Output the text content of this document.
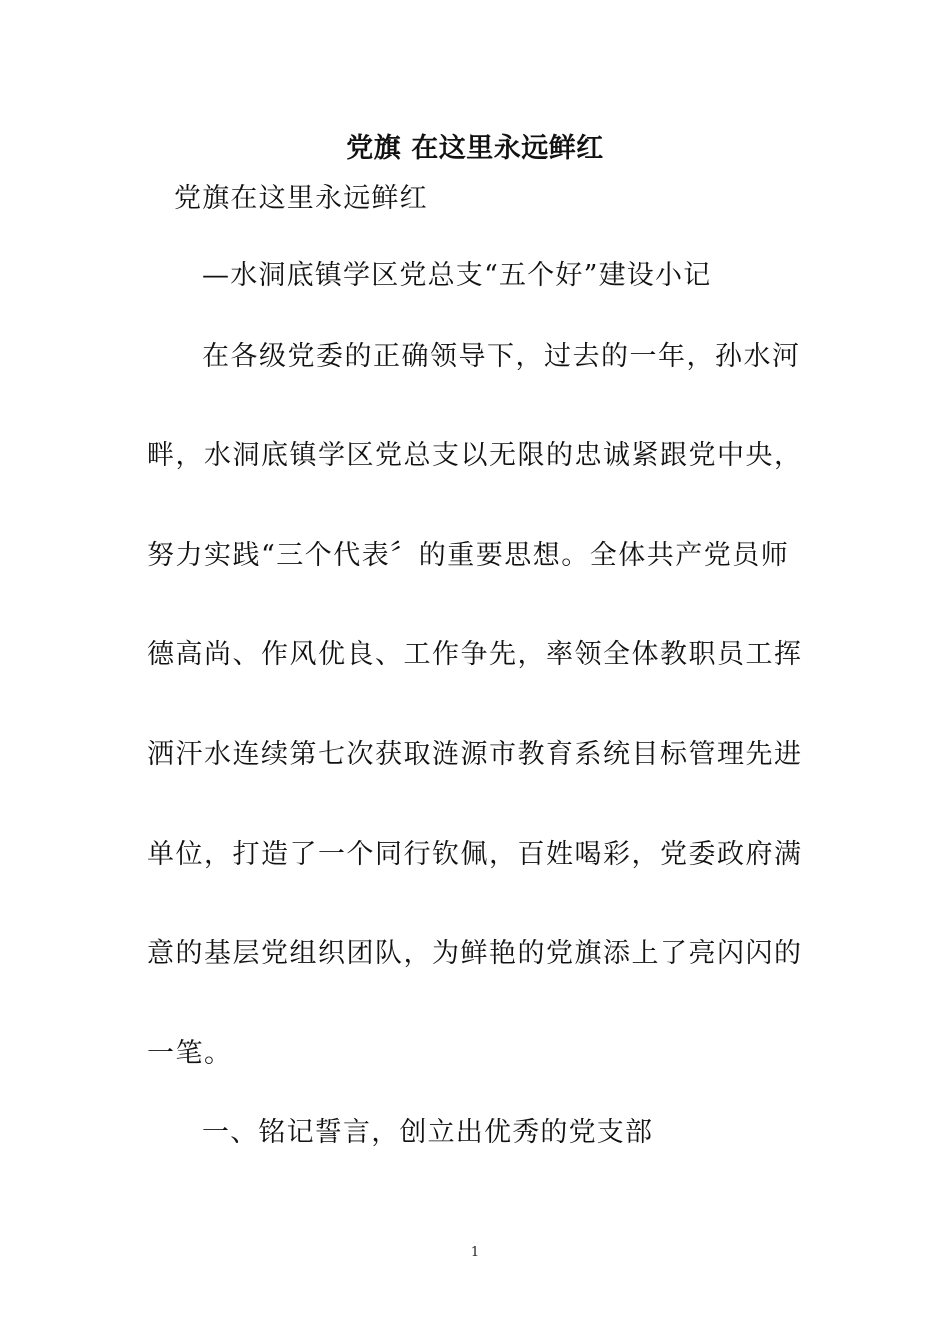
党旗 在这里永远鲜红
党旗在这里永远鲜红
—水洞底镇学区党总支“五个好”建设小记
在各级党委的正确领导下，过去的一年，孙水河
畔，水洞底镇学区党总支以无限的忠诚紧跟党中央，
努力实践“三个代表〞的重要思想。全体共产党员师
德高尚、作风优良、工作争先，率领全体教职员工挥
洒汗水连续第七次获取涟源市教育系统目标管理先进
单位，打造了一个同行钦佩，百姓喝彩，党委政府满
意的基层党组织团队，为鲜艳的党旗添上了亮闪闪的
一笔。
一、铭记誓言，创立出优秀的党支部
1
